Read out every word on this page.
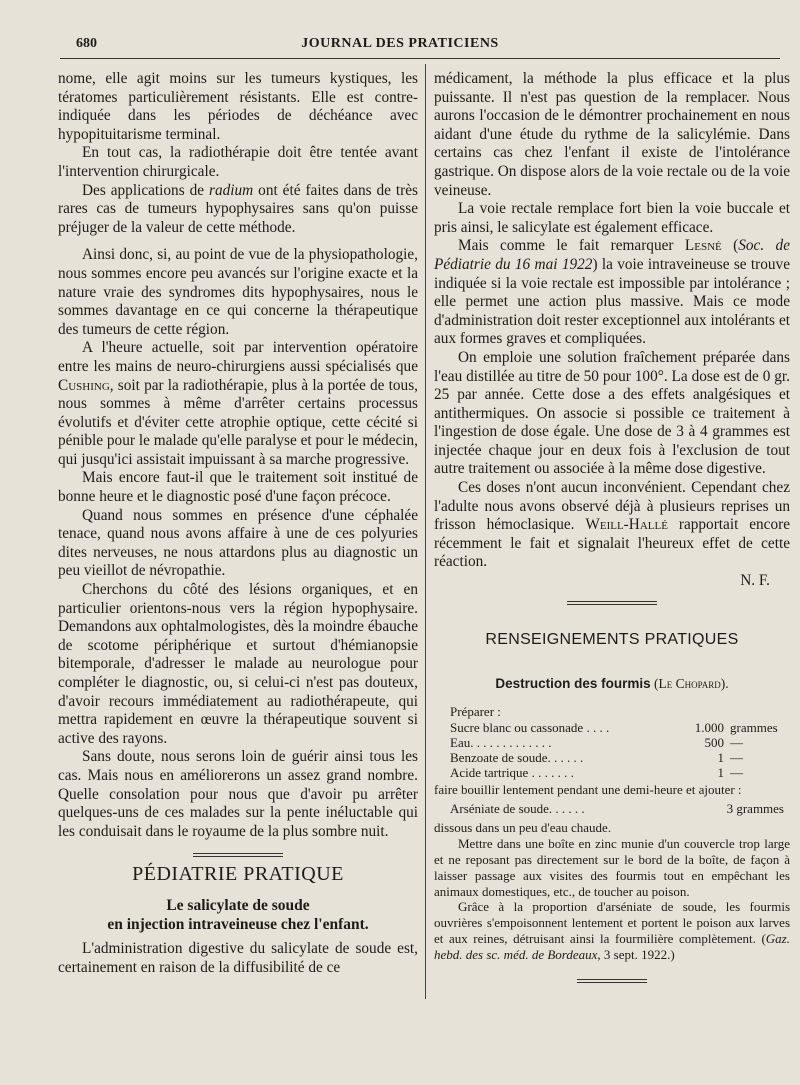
680	JOURNAL DES PRATICIENS

nome, elle agit moins sur les tumeurs kystiques, les tératomes particulièrement résistants. Elle est contre-indiquée dans les périodes de déchéance avec hypopituitarisme terminal.

En tout cas, la radiothérapie doit être tentée avant l'intervention chirurgicale.

Des applications de radium ont été faites dans de très rares cas de tumeurs hypophysaires sans qu'on puisse préjuger de la valeur de cette méthode.

Ainsi donc, si, au point de vue de la physiopathologie, nous sommes encore peu avancés sur l'origine exacte et la nature vraie des syndromes dits hypophysaires, nous le sommes davantage en ce qui concerne la thérapeutique des tumeurs de cette région.

A l'heure actuelle, soit par intervention opératoire entre les mains de neuro-chirurgiens aussi spécialisés que Cushing, soit par la radiothérapie, plus à la portée de tous, nous sommes à même d'arrêter certains processus évolutifs et d'éviter cette atrophie optique, cette cécité si pénible pour le malade qu'elle paralyse et pour le médecin, qui jusqu'ici assistait impuissant à sa marche progressive.

Mais encore faut-il que le traitement soit institué de bonne heure et le diagnostic posé d'une façon précoce.

Quand nous sommes en présence d'une céphalée tenace, quand nous avons affaire à une de ces polyuries dites nerveuses, ne nous attardons plus au diagnostic un peu vieillot de névropathie.

Cherchons du côté des lésions organiques, et en particulier orientons-nous vers la région hypophysaire. Demandons aux ophtalmologistes, dès la moindre ébauche de scotome périphérique et surtout d'hémianopsie bitemporale, d'adresser le malade au neurologue pour compléter le diagnostic, ou, si celui-ci n'est pas douteux, d'avoir recours immédiatement au radiothérapeute, qui mettra rapidement en œuvre la thérapeutique souvent si active des rayons.

Sans doute, nous serons loin de guérir ainsi tous les cas. Mais nous en améliorerons un assez grand nombre. Quelle consolation pour nous que d'avoir pu arrêter quelques-uns de ces malades sur la pente inéluctable qui les conduisait dans le royaume de la plus sombre nuit.

PÉDIATRIE PRATIQUE
Le salicylate de soude
en injection intraveineuse chez l'enfant.

L'administration digestive du salicylate de soude est, certainement en raison de la diffusibilité de ce

médicament, la méthode la plus efficace et la plus puissante. Il n'est pas question de la remplacer. Nous aurons l'occasion de le démontrer prochainement en nous aidant d'une étude du rythme de la salicylémie. Dans certains cas chez l'enfant il existe de l'intolérance gastrique. On dispose alors de la voie rectale ou de la voie veineuse.

La voie rectale remplace fort bien la voie buccale et pris ainsi, le salicylate est également efficace.

Mais comme le fait remarquer Lesné (Soc. de Pédiatrie du 16 mai 1922) la voie intraveineuse se trouve indiquée si la voie rectale est impossible par intolérance ; elle permet une action plus massive. Mais ce mode d'administration doit rester exceptionnel aux intolérants et aux formes graves et compliquées.

On emploie une solution fraîchement préparée dans l'eau distillée au titre de 50 pour 100°. La dose est de 0 gr. 25 par année. Cette dose a des effets analgésiques et antithermiques. On associe si possible ce traitement à l'ingestion de dose égale. Une dose de 3 à 4 grammes est injectée chaque jour en deux fois à l'exclusion de tout autre traitement ou associée à la même dose digestive.

Ces doses n'ont aucun inconvénient. Cependant chez l'adulte nous avons observé déjà à plusieurs reprises un frisson hémoclasique. Weill-Hallé rapportait encore récemment le fait et signalait l'heureux effet de cette réaction.

N. F.

RENSEIGNEMENTS PRATIQUES
Destruction des fourmis (Le Chopard).

Préparer :

Sucre blanc ou cassonade . . . .	1.000	grammes
Eau. . . . . . . . . . . . .	500	—
Benzoate de soude. . . . . .	1	—
Acide tartrique . . . . . . .	1	—

faire bouillir lentement pendant une demi-heure et ajouter :

Arséniate de soude. . . . . .	3 grammes

dissous dans un peu d'eau chaude.

Mettre dans une boîte en zinc munie d'un couvercle trop large et ne reposant pas directement sur le bord de la boîte, de façon à laisser passage aux visites des fourmis tout en empêchant les animaux domestiques, etc., de toucher au poison.

Grâce à la proportion d'arséniate de soude, les fourmis ouvrières s'empoisonnent lentement et portent le poison aux larves et aux reines, détruisant ainsi la fourmilière complètement. (Gaz. hebd. des sc. méd. de Bordeaux, 3 sept. 1922.)
